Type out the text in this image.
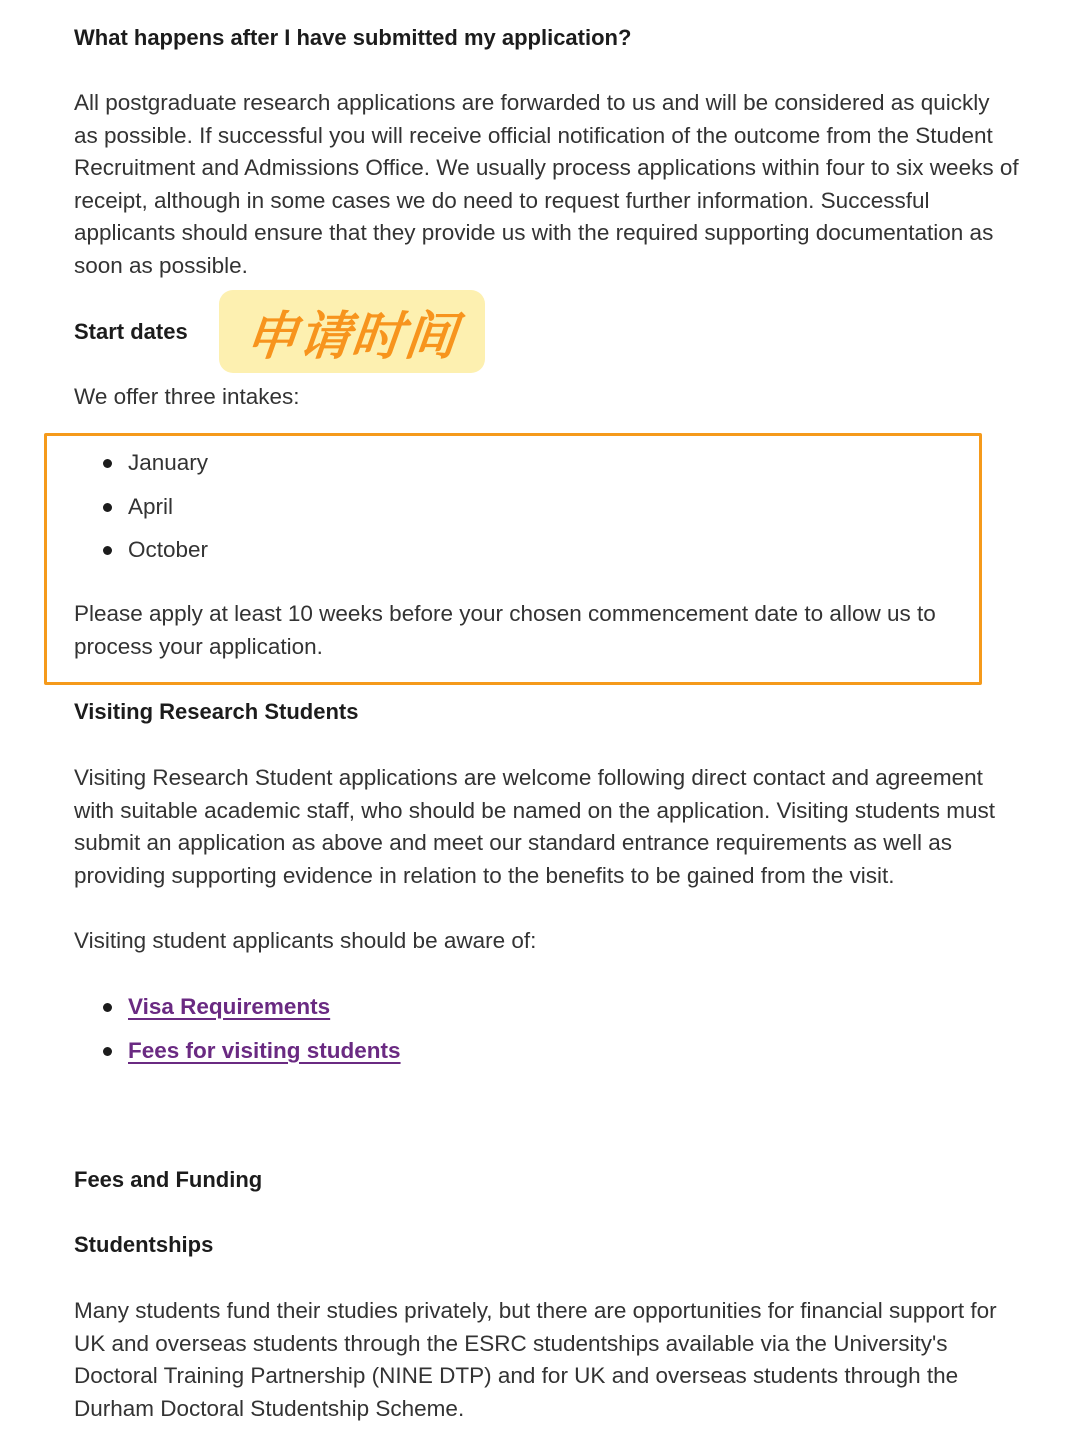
What happens after I have submitted my application?

All postgraduate research applications are forwarded to us and will be considered as quickly as possible. If successful you will receive official notification of the outcome from the Student Recruitment and Admissions Office. We usually process applications within four to six weeks of receipt, although in some cases we do need to request further information. Successful applicants should ensure that they provide us with the required supporting documentation as soon as possible.

Start dates 申请时间

We offer three intakes:

January
April
October

Please apply at least 10 weeks before your chosen commencement date to allow us to process your application.

Visiting Research Students

Visiting Research Student applications are welcome following direct contact and agreement with suitable academic staff, who should be named on the application. Visiting students must submit an application as above and meet our standard entrance requirements as well as providing supporting evidence in relation to the benefits to be gained from the visit.

Visiting student applicants should be aware of:

Visa Requirements
Fees for visiting students
Fees and Funding
Studentships

Many students fund their studies privately, but there are opportunities for financial support for UK and overseas students through the ESRC studentships available via the University's Doctoral Training Partnership (NINE DTP) and for UK and overseas students through the Durham Doctoral Studentship Scheme.
